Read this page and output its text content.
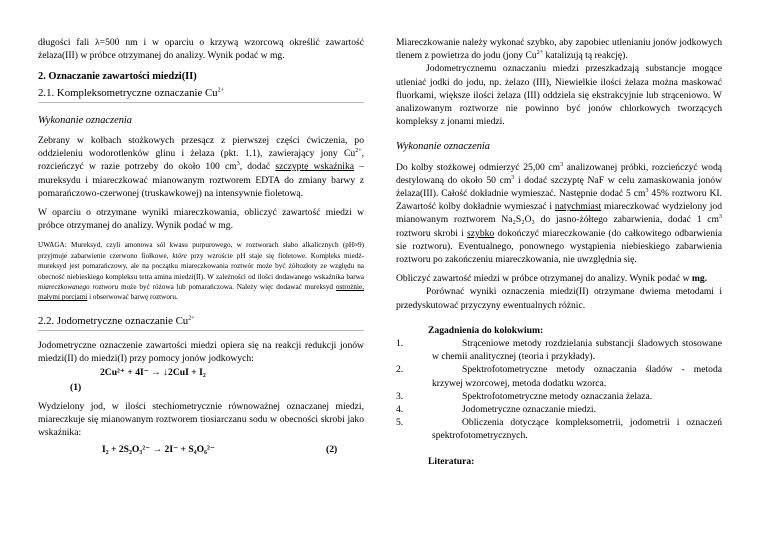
długości fali λ=500 nm i w oparciu o krzywą wzorcową określić zawartość żelaza(III) w próbce otrzymanej do analizy. Wynik podać w mg.

2. Oznaczanie zawartości miedzi(II)

2.1. Kompleksometryczne oznaczanie $Cu^{2+}$

Wykonanie oznaczenia

Zebrany w kolbach stożkowych przesącz z pierwszej części ćwiczenia, po oddzieleniu wodorotlenków glinu i żelaza (pkt. 1.1), zawierający jony $Cu^{2+}$, rozcieńczyć w razie potrzeby do około 100 $cm^3$, dodać szczyptę wskaźnika – mureksydu i miareczkować mianowanym roztworem EDTA do zmiany barwy z pomarańczowo-czerwonej (truskawkowej) na intensywnie fioletową.

W oparciu o otrzymane wyniki miareczkowania, obliczyć zawartość miedzi w próbce otrzymanej do analizy. Wynik podać w mg.

UWAGA: Mureksyd, czyli amonowa sól kwasu purpurowego, w roztworach słabo alkalicznych (pH≈9) przyjmuje zabarwienie czerwono fiołkowe, które przy wzroście pH staje się fioletowe. Kompleks miedź-mureksyd jest pomarańczowy, ale na początku miareczkowania roztwór może być żółtozłoty ze względu na obecność niebieskiego kompleksu tetra amina miedzi(II). W zależności od ilości dodawanego wskaźnika barwa miareczkowanego roztworu może być różowa lub pomarańczowa. Należy więc dodawać mureksyd ostrożnie, małymi porcjami i obserwować barwę roztworu.

2.2. Jodometryczne oznaczanie $Cu^{2+}$

Jodometryczne oznaczenie zawartości miedzi opiera się na reakcji redukcji jonów miedzi(II) do miedzi(I) przy pomocy jonów jodkowych:

2Cu²⁺ + 4I⁻ → ↓2CuI + I₂

(1)

Wydzielony jod, w ilości stechiometrycznie równoważnej oznaczanej miedzi, miareczkuje się mianowanym roztworem tiosiarczanu sodu w obecności skrobi jako wskaźnika:

I₂ + 2S₂O₃²⁻ → 2I⁻ + S₄O₆²⁻	(2)

Miareczkowanie należy wykonać szybko, aby zapobiec utlenianiu jonów jodkowych tlenem z powietrza do jodu (jony $Cu^{2+}$ katalizują tą reakcję).

Jodometrycznemu oznaczaniu miedzi przeszkadzają substancje mogące utleniać jodki do jodu, np. żelazo (III), Niewielkie ilości żelaza można maskować fluorkami, większe ilości żelaza (III) oddziela się ekstrakcyjnie lub strąceniowo. W analizowanym roztworze nie powinno być jonów chlorkowych tworzących kompleksy z jonami miedzi.

Wykonanie oznaczenia

Do kolby stożkowej odmierzyć 25,00 $cm^3$ analizowanej próbki, rozcieńczyć wodą destylowaną do około 50 $cm^3$ i dodać szczyptę NaF w celu zamaskowania jonów żelaza(III). Całość dokładnie wymieszać. Następnie dodać 5 $cm^3$ 45% roztworu KI. Zawartość kolby dokładnie wymieszać i natychmiast miareczkować wydzielony jod mianowanym roztworem Na₂S₂O₃ do jasno-żółtego zabarwienia, dodać 1 $cm^3$ roztworu skrobi i szybko dokończyć miareczkowanie (do całkowitego odbarwienia sie roztworu). Eventualnego, ponownego wystąpienia niebieskiego zabarwienia roztworu po zakończeniu miareczkowania, nie uwzględnia się.

Obliczyć zawartość miedzi w próbce otrzymanej do analizy. Wynik podać w mg.

Porównać wyniki oznaczenia miedzi(II) otrzymane dwiema metodami i przedyskutować przyczyny ewentualnych różnic.

Zagadnienia do kolokwium:

1.	Strąceniowe metody rozdzielania substancji śladowych stosowane w chemii analitycznej (teoria i przykłady).
2.	Spektrofotometryczne metody oznaczania śladów - metoda krzywej wzorcowej, metoda dodatku wzorca.
3.	Spektrofotometryczne metody oznaczania żelaza.
4.	Jodometryczne oznaczanie miedzi.
5.	Obliczenia dotyczące kompleksometrii, jodometrii i oznaczeń spektrofotometrycznych.

Literatura:
